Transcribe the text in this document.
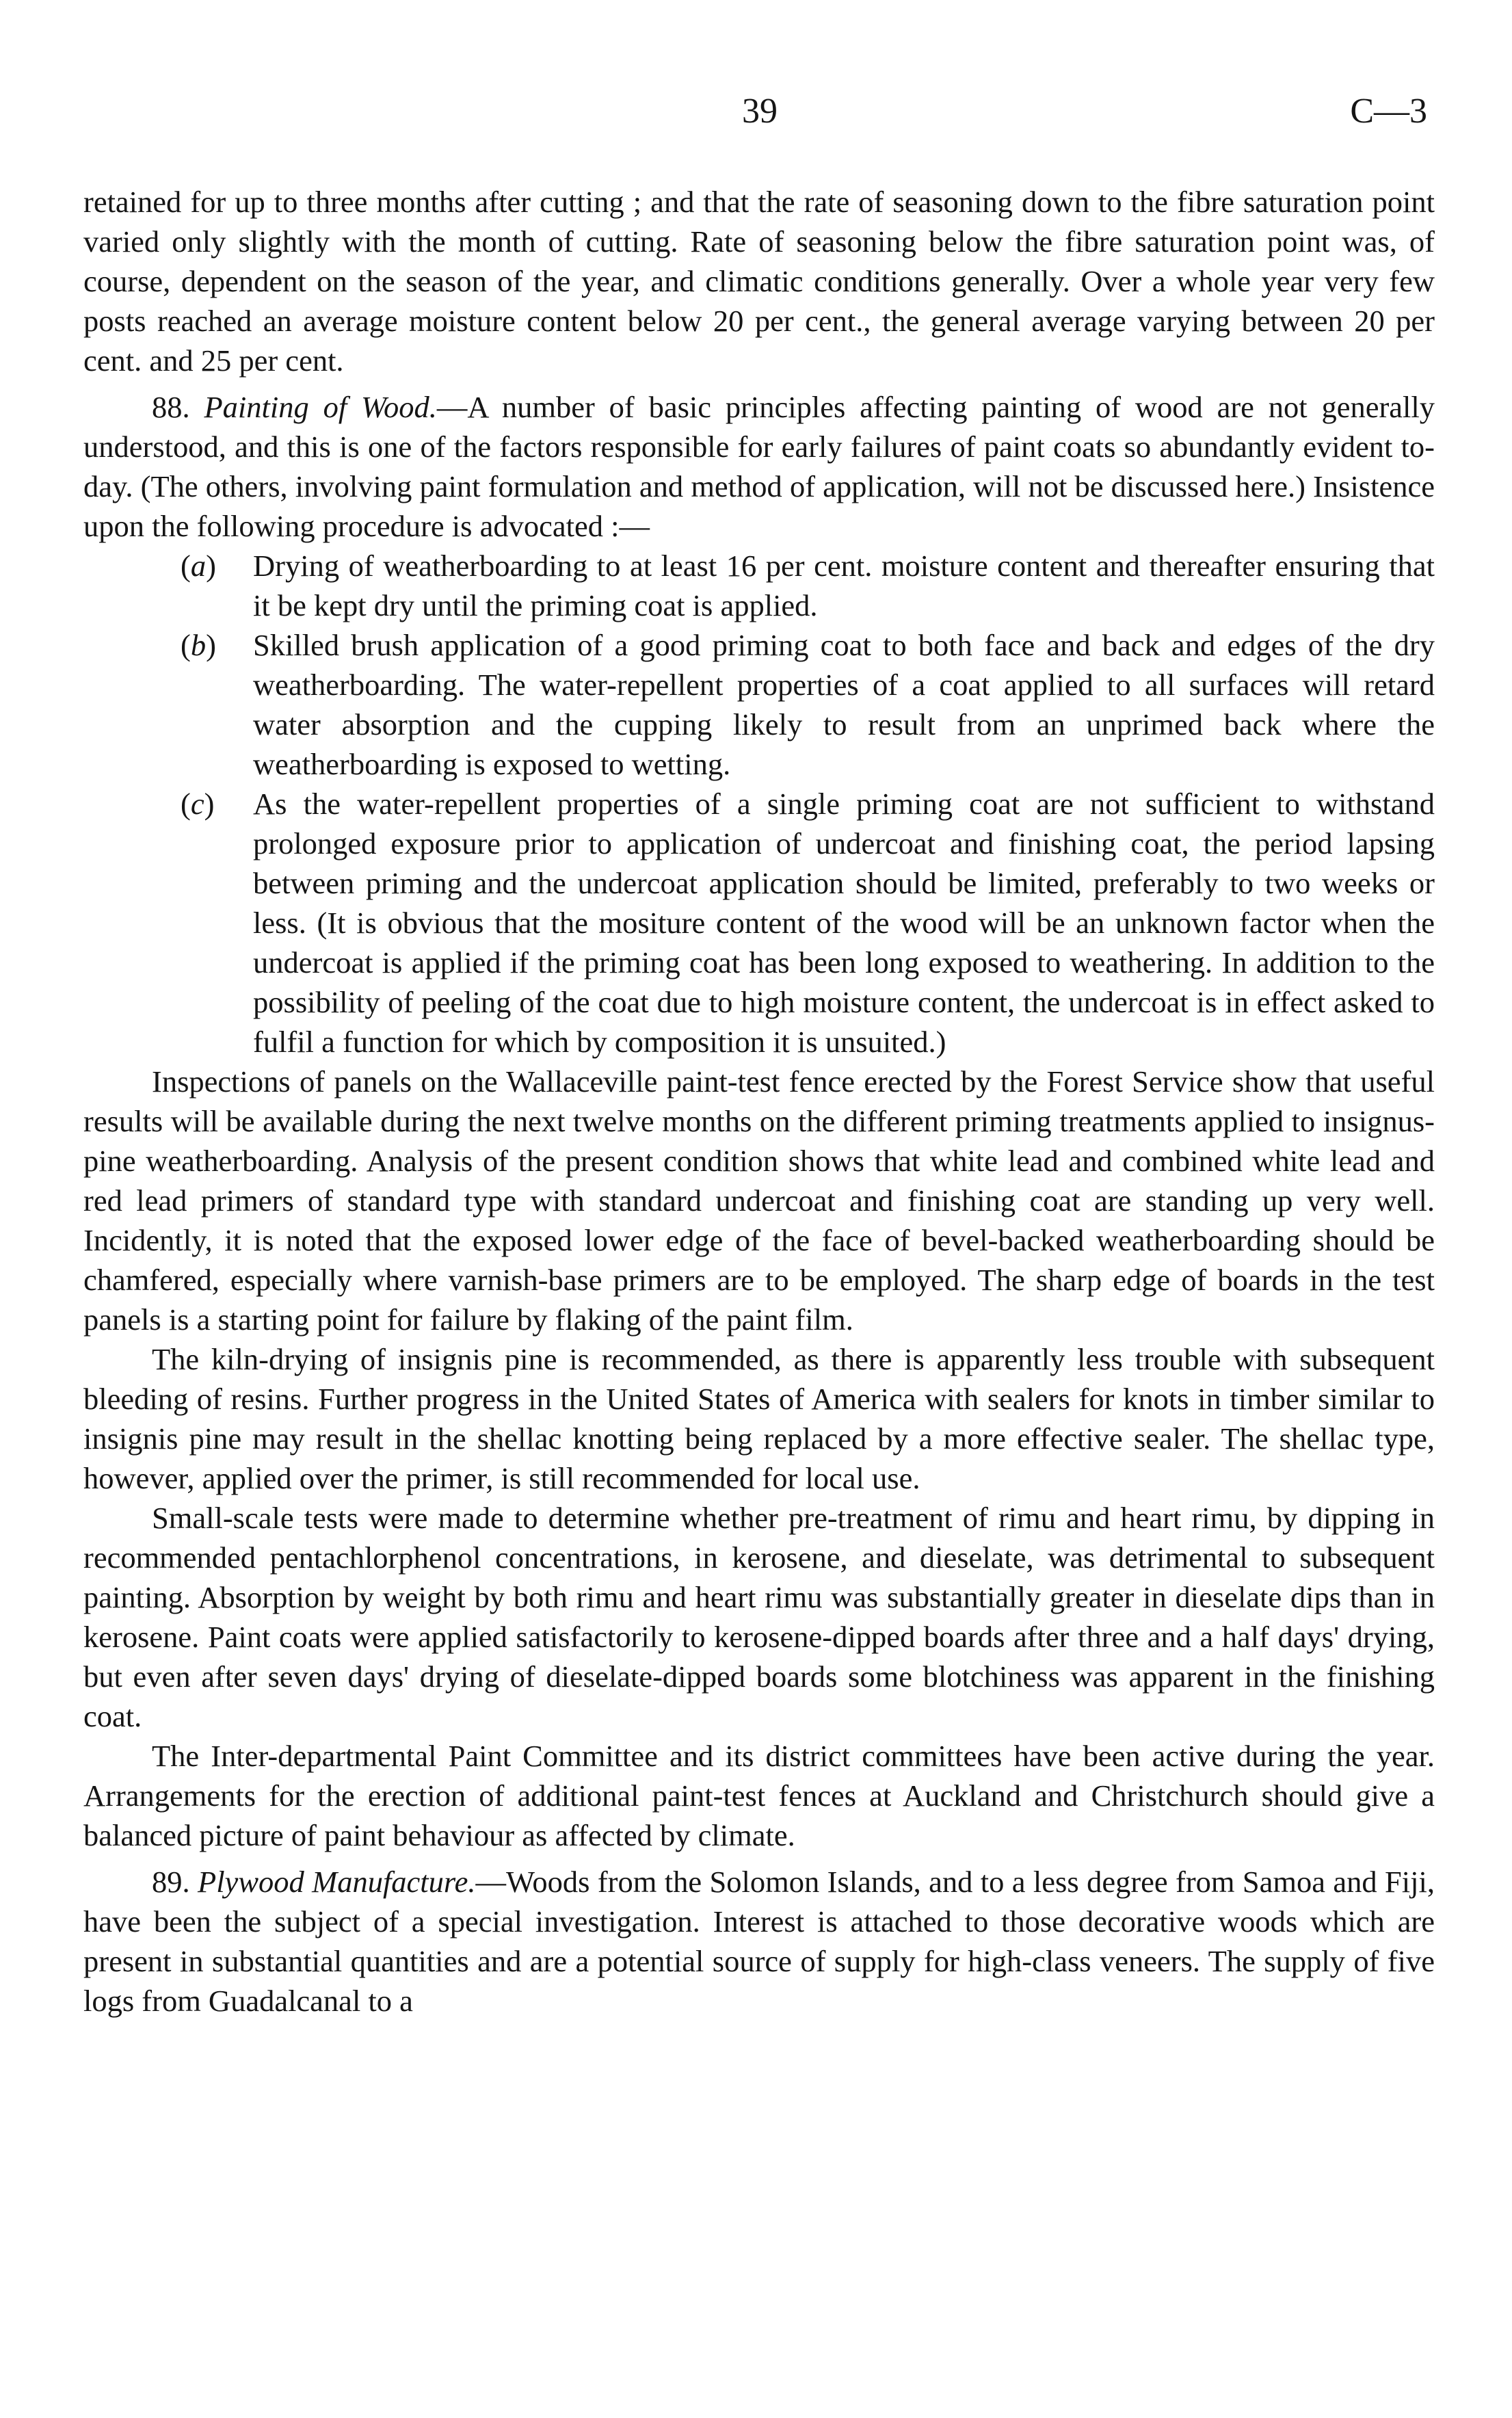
39	C—3

retained for up to three months after cutting ; and that the rate of seasoning down to the fibre saturation point varied only slightly with the month of cutting. Rate of seasoning below the fibre saturation point was, of course, dependent on the season of the year, and climatic conditions generally. Over a whole year very few posts reached an average moisture content below 20 per cent., the general average varying between 20 per cent. and 25 per cent.

88. Painting of Wood.—A number of basic principles affecting painting of wood are not generally understood, and this is one of the factors responsible for early failures of paint coats so abundantly evident to-day. (The others, involving paint formulation and method of application, will not be discussed here.) Insistence upon the following procedure is advocated :—

(a) Drying of weatherboarding to at least 16 per cent. moisture content and thereafter ensuring that it be kept dry until the priming coat is applied.
(b) Skilled brush application of a good priming coat to both face and back and edges of the dry weatherboarding. The water-repellent properties of a coat applied to all surfaces will retard water absorption and the cupping likely to result from an unprimed back where the weatherboarding is exposed to wetting.
(c) As the water-repellent properties of a single priming coat are not sufficient to withstand prolonged exposure prior to application of undercoat and finishing coat, the period lapsing between priming and the undercoat application should be limited, preferably to two weeks or less. (It is obvious that the mositure content of the wood will be an unknown factor when the undercoat is applied if the priming coat has been long exposed to weathering. In addition to the possibility of peeling of the coat due to high moisture content, the undercoat is in effect asked to fulfil a function for which by composition it is unsuited.)

Inspections of panels on the Wallaceville paint-test fence erected by the Forest Service show that useful results will be available during the next twelve months on the different priming treatments applied to insignus-pine weatherboarding. Analysis of the present condition shows that white lead and combined white lead and red lead primers of standard type with standard undercoat and finishing coat are standing up very well. Incidently, it is noted that the exposed lower edge of the face of bevel-backed weatherboarding should be chamfered, especially where varnish-base primers are to be employed. The sharp edge of boards in the test panels is a starting point for failure by flaking of the paint film.

The kiln-drying of insignis pine is recommended, as there is apparently less trouble with subsequent bleeding of resins. Further progress in the United States of America with sealers for knots in timber similar to insignis pine may result in the shellac knotting being replaced by a more effective sealer. The shellac type, however, applied over the primer, is still recommended for local use.

Small-scale tests were made to determine whether pre-treatment of rimu and heart rimu, by dipping in recommended pentachlorphenol concentrations, in kerosene, and dieselate, was detrimental to subsequent painting. Absorption by weight by both rimu and heart rimu was substantially greater in dieselate dips than in kerosene. Paint coats were applied satisfactorily to kerosene-dipped boards after three and a half days' drying, but even after seven days' drying of dieselate-dipped boards some blotchiness was apparent in the finishing coat.

The Inter-departmental Paint Committee and its district committees have been active during the year. Arrangements for the erection of additional paint-test fences at Auckland and Christchurch should give a balanced picture of paint behaviour as affected by climate.

89. Plywood Manufacture.—Woods from the Solomon Islands, and to a less degree from Samoa and Fiji, have been the subject of a special investigation. Interest is attached to those decorative woods which are present in substantial quantities and are a potential source of supply for high-class veneers. The supply of five logs from Guadalcanal to a
